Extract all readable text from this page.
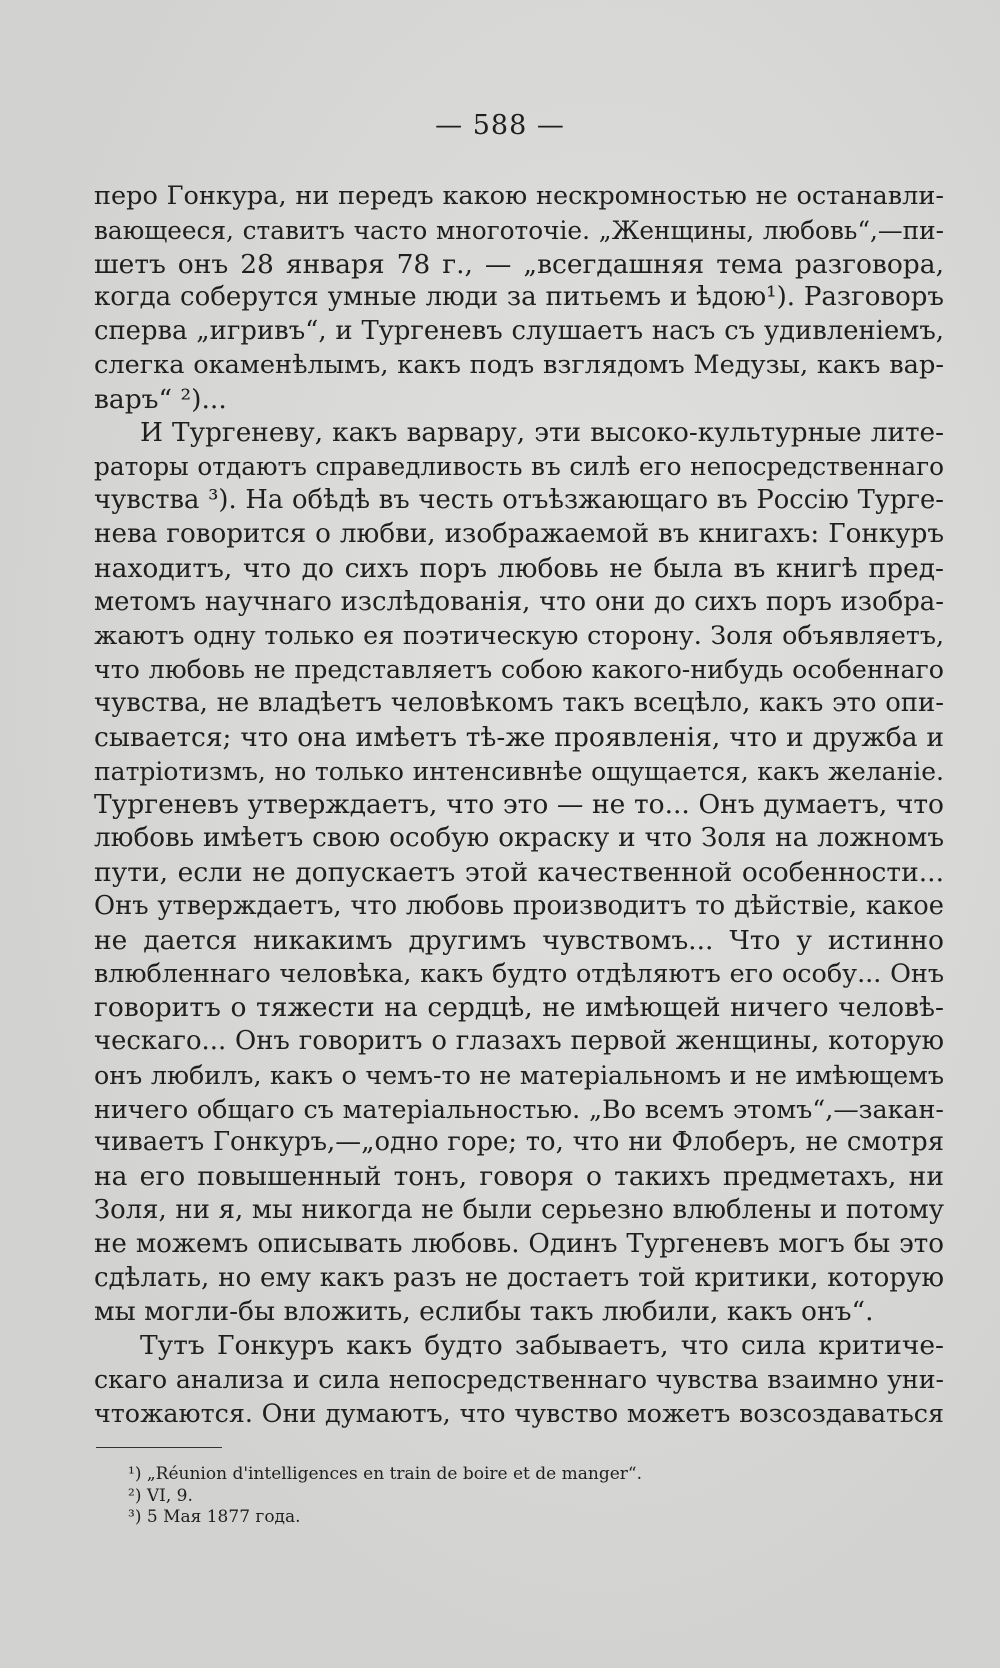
— 588 —
перо Гонкура, ни передъ какою нескромностью не останавли-
вающееся, ставитъ часто многоточіе. „Женщины, любовь“,—пи-
шетъ онъ 28 января 78 г., — „всегдашняя тема разговора,
когда соберутся умные люди за питьемъ и ѣдою¹). Разговоръ
сперва „игривъ“, и Тургеневъ слушаетъ насъ съ удивленіемъ,
слегка окаменѣлымъ, какъ подъ взглядомъ Медузы, какъ вар-
варъ“ ²)...
И Тургеневу, какъ варвару, эти высоко-культурные лите-
раторы отдаютъ справедливость въ силѣ его непосредственнаго
чувства ³). На обѣдѣ въ честь отъѣзжающаго въ Россію Турге-
нева говорится о любви, изображаемой въ книгахъ: Гонкуръ
находитъ, что до сихъ поръ любовь не была въ книгѣ пред-
метомъ научнаго изслѣдованія, что они до сихъ поръ изобра-
жаютъ одну только ея поэтическую сторону. Золя объявляетъ,
что любовь не представляетъ собою какого-нибудь особеннаго
чувства, не владѣетъ человѣкомъ такъ всецѣло, какъ это опи-
сывается; что она имѣетъ тѣ-же проявленія, что и дружба и
патріотизмъ, но только интенсивнѣе ощущается, какъ желаніе.
Тургеневъ утверждаетъ, что это — не то... Онъ думаетъ, что
любовь имѣетъ свою особую окраску и что Золя на ложномъ
пути, если не допускаетъ этой качественной особенности...
Онъ утверждаетъ, что любовь производитъ то дѣйствіе, какое
не дается никакимъ другимъ чувствомъ... Что у истинно
влюбленнаго человѣка, какъ будто отдѣляютъ его особу... Онъ
говоритъ о тяжести на сердцѣ, не имѣющей ничего человѣ-
ческаго... Онъ говоритъ о глазахъ первой женщины, которую
онъ любилъ, какъ о чемъ-то не матеріальномъ и не имѣющемъ
ничего общаго съ матеріальностью. „Во всемъ этомъ“,—закан-
чиваетъ Гонкуръ,—„одно горе; то, что ни Флоберъ, не смотря
на его повышенный тонъ, говоря о такихъ предметахъ, ни
Золя, ни я, мы никогда не были серьезно влюблены и потому
не можемъ описывать любовь. Одинъ Тургеневъ могъ бы это
сдѣлать, но ему какъ разъ не достаетъ той критики, которую
мы могли-бы вложить, еслибы такъ любили, какъ онъ“.
Тутъ Гонкуръ какъ будто забываетъ, что сила критиче-
скаго анализа и сила непосредственнаго чувства взаимно уни-
чтожаются. Они думаютъ, что чувство можетъ возсоздаваться
¹) „Réunion d'intelligences en train de boire et de manger“.
²) VI, 9.
³) 5 Мая 1877 года.
